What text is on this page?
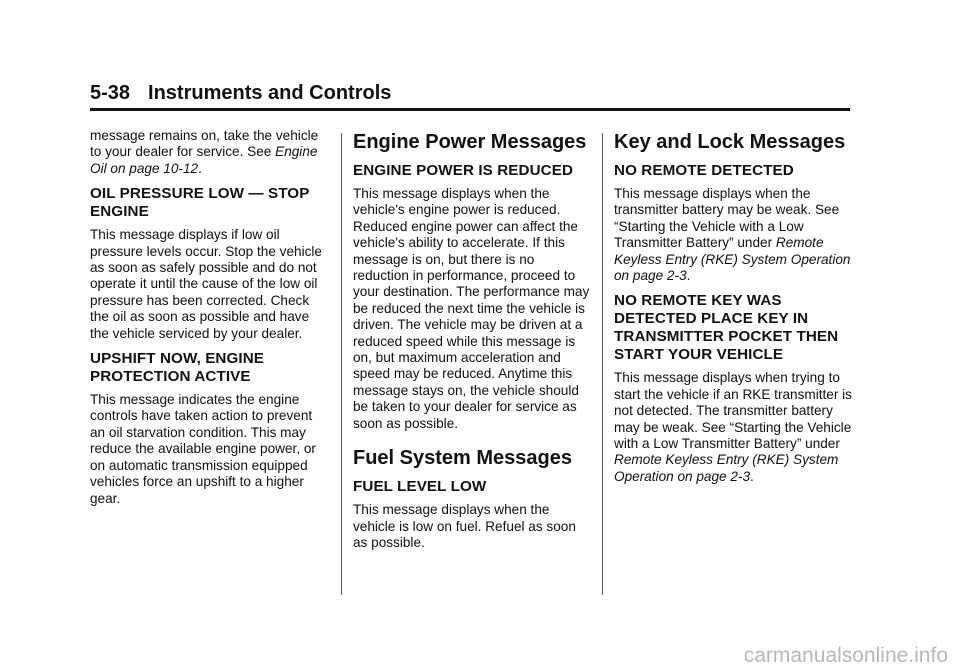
5-38 Instruments and Controls

message remains on, take the vehicle to your dealer for service. See Engine Oil on page 10-12.

OIL PRESSURE LOW — STOP ENGINE

This message displays if low oil pressure levels occur. Stop the vehicle as soon as safely possible and do not operate it until the cause of the low oil pressure has been corrected. Check the oil as soon as possible and have the vehicle serviced by your dealer.

UPSHIFT NOW, ENGINE PROTECTION ACTIVE

This message indicates the engine controls have taken action to prevent an oil starvation condition. This may reduce the available engine power, or on automatic transmission equipped vehicles force an upshift to a higher gear.

Engine Power Messages
ENGINE POWER IS REDUCED

This message displays when the vehicle's engine power is reduced. Reduced engine power can affect the vehicle's ability to accelerate. If this message is on, but there is no reduction in performance, proceed to your destination. The performance may be reduced the next time the vehicle is driven. The vehicle may be driven at a reduced speed while this message is on, but maximum acceleration and speed may be reduced. Anytime this message stays on, the vehicle should be taken to your dealer for service as soon as possible.

Fuel System Messages
FUEL LEVEL LOW

This message displays when the vehicle is low on fuel. Refuel as soon as possible.

Key and Lock Messages
NO REMOTE DETECTED

This message displays when the transmitter battery may be weak. See “Starting the Vehicle with a Low Transmitter Battery” under Remote Keyless Entry (RKE) System Operation on page 2-3.

NO REMOTE KEY WAS DETECTED PLACE KEY IN TRANSMITTER POCKET THEN START YOUR VEHICLE

This message displays when trying to start the vehicle if an RKE transmitter is not detected. The transmitter battery may be weak. See “Starting the Vehicle with a Low Transmitter Battery” under Remote Keyless Entry (RKE) System Operation on page 2-3.

carmanualsonline.info
